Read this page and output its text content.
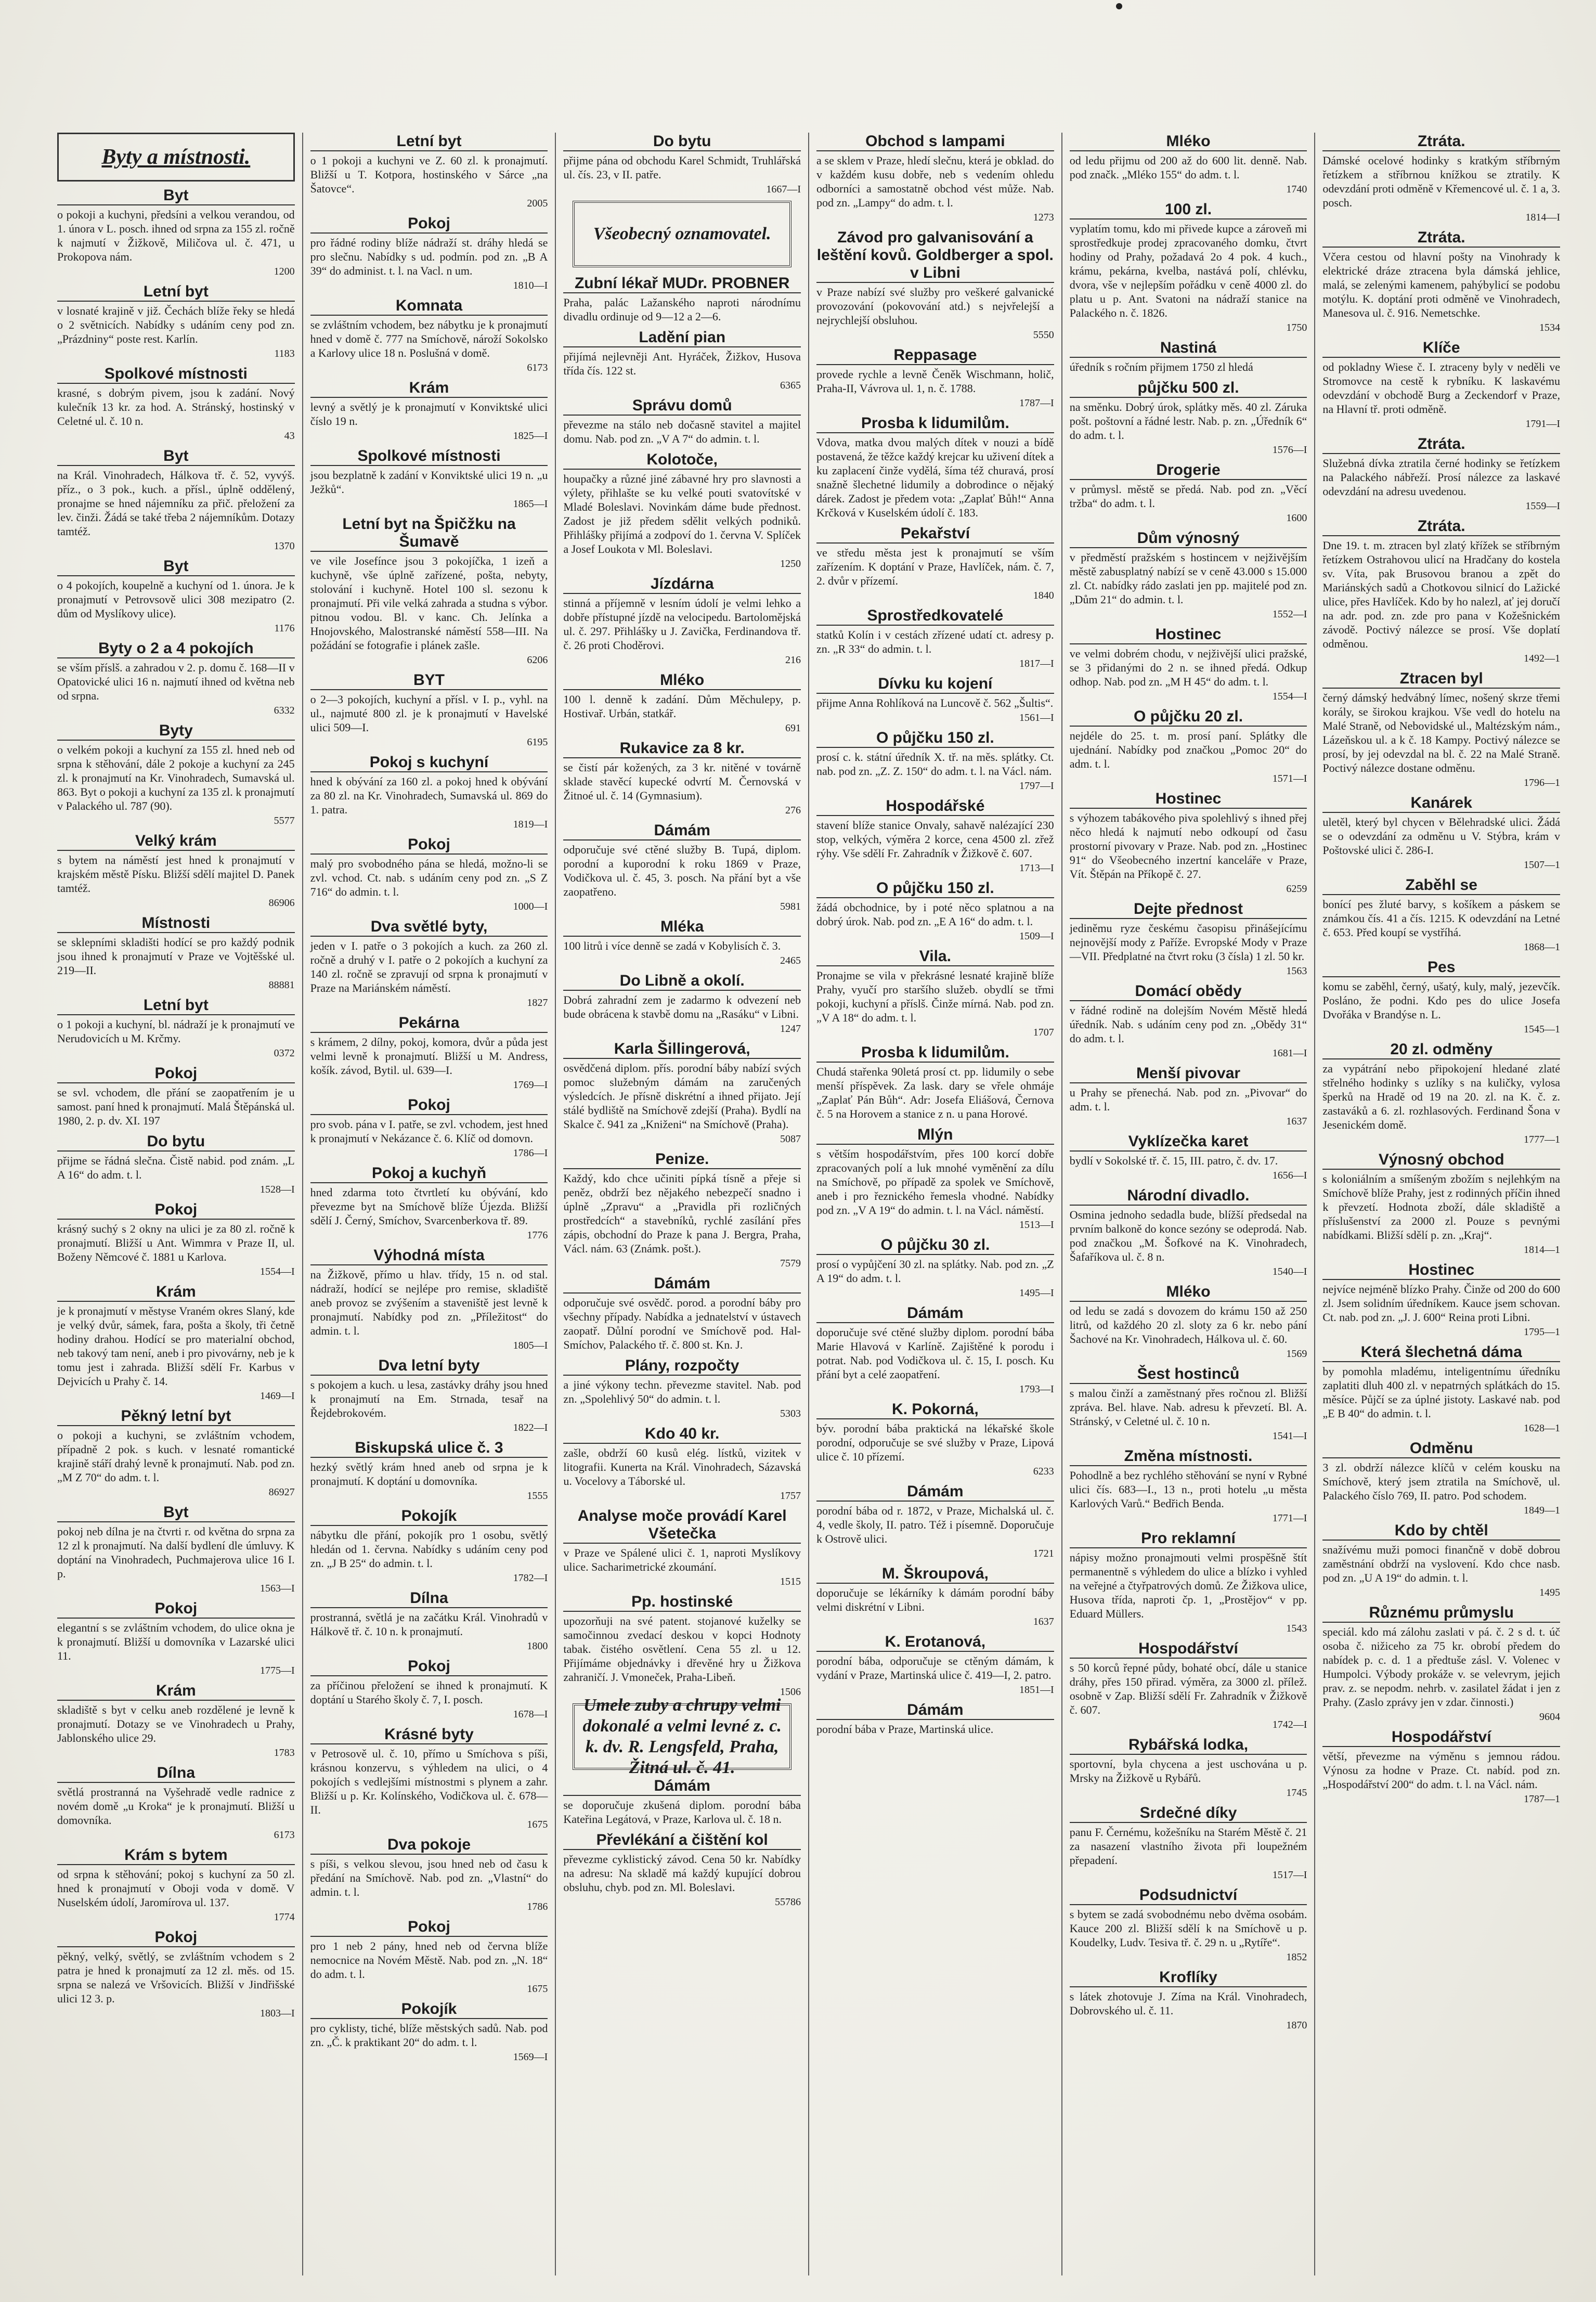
Byty a místnosti.
Byt
o pokoji a kuchyni, předsíni a velkou verandou, od 1. února v L. posch. ihned od srpna za 155 zl. ročně k najmutí v Žižkově, Miličova ul. č. 471, u Prokopova nám.
1200
Letní byt
v losnaté krajině v již. Čechách blíže řeky se hledá o 2 světnicích. Nabídky s udáním ceny pod zn. „Prázdniny“ poste rest. Karlín.
1183
Spolkové místnosti
krasné, s dobrým pivem, jsou k zadání. Nový kulečník 13 kr. za hod. A. Stránský, hostinský v Celetné ul. č. 10 n.
43
Byt
na Král. Vinohradech, Hálkova tř. č. 52, vyvýš. příz., o 3 pok., kuch. a přísl., úplně oddělený, pronajme se hned nájemníku za přič. přeložení za lev. činži. Žádá se také třeba 2 nájemníkům. Dotazy tamtéž.
1370
Byt
o 4 pokojích, koupelně a kuchyní od 1. února. Je k pronajmutí v Petrovsově ulici 308 mezipatro (2. dům od Myslíkovy ulice).
1176
Byty o 2 a 4 pokojích
se vším příslš. a zahradou v 2. p. domu č. 168—II v Opatovické ulici 16 n. najmutí ihned od května neb od srpna.
6332
Byty
o velkém pokoji a kuchyní za 155 zl. hned neb od srpna k stěhování, dále 2 pokoje a kuchyní za 245 zl. k pronajmutí na Kr. Vinohradech, Sumavská ul. 863. Byt o pokoji a kuchyní za 135 zl. k pronajmutí v Palackého ul. 787 (90).
5577
Velký krám
s bytem na náměstí jest hned k pronajmutí v krajském městě Písku. Bližší sdělí majitel D. Panek tamtéž.
86906
Místnosti
se sklepními skladišti hodící se pro každý podnik jsou ihned k pronajmutí v Praze ve Vojtěšské ul. 219—II.
88881
Letní byt
o 1 pokoji a kuchyní, bl. nádraží je k pronajmutí ve Nerudovicích u M. Krčmy.
0372
Pokoj
se svl. vchodem, dle přání se zaopatřením je u samost. paní hned k pronajmutí. Malá Štěpánská ul. 1980, 2. p. dv. XI. 197
Do bytu
přijme se řádná slečna. Čistě nabid. pod znám. „L A 16“ do adm. t. l.
1528—I
Pokoj
krásný suchý s 2 okny na ulici je za 80 zl. ročně k pronajmutí. Bližší u Ant. Wimmra v Praze II, ul. Boženy Němcové č. 1881 u Karlova.
1554—I
Krám
je k pronajmutí v městyse Vraném okres Slaný, kde je velký dvůr, sámek, fara, pošta a školy, tři četně hodiny drahou. Hodící se pro materialní obchod, neb takový tam není, aneb i pro pivovárny, neb je k tomu jest i zahrada. Bližší sdělí Fr. Karbus v Dejvicích u Prahy č. 14.
1469—I
Pěkný letní byt
o pokoji a kuchyni, se zvláštním vchodem, případně 2 pok. s kuch. v lesnaté romantické krajině stáří drahý levně k pronajmutí. Nab. pod zn. „M Z 70“ do adm. t. l.
86927
Byt
pokoj neb dílna je na čtvrti r. od května do srpna za 12 zl k pronajmutí. Na další bydlení dle úmluvy. K doptání na Vinohradech, Puchmajerova ulice 16 I. p.
1563—I
Pokoj
elegantní s se zvláštním vchodem, do ulice okna je k pronajmutí. Bližší u domovníka v Lazarské ulici 11.
1775—I
Krám
skladiště s byt v celku aneb rozdělené je levně k pronajmutí. Dotazy se ve Vinohradech u Prahy, Jablonského ulice 29.
1783
Dílna
světlá prostranná na Vyšehradě vedle radnice z novém domě „u Kroka“ je k pronajmutí. Bližší u domovníka.
6173
Krám s bytem
od srpna k stěhování; pokoj s kuchyní za 50 zl. hned k pronajmutí v Oboji voda v domě. V Nuselském údolí, Jaromírova ul. 137.
1774
Pokoj
pěkný, velký, světlý, se zvláštním vchodem s 2 patra je hned k pronajmutí za 12 zl. měs. od 15. srpna se nalezá ve Vršovicích. Bližší v Jindřišské ulici 12 3. p.
1803—I
Letní byt
o 1 pokoji a kuchyni ve Z. 60 zl. k pronajmutí. Bližší u T. Kotpora, hostinského v Sárce „na Šatovce“.
2005
Pokoj
pro řádné rodiny blíže nádraží st. dráhy hledá se pro slečnu. Nabídky s ud. podmín. pod zn. „B A 39“ do administ. t. l. na Vacl. n um.
1810—I
Komnata
se zvláštním vchodem, bez nábytku je k pronajmutí hned v domě č. 777 na Smíchově, nároží Sokolsko a Karlovy ulice 18 n. Poslušná v domě.
6173
Krám
levný a světlý je k pronajmutí v Konviktské ulici číslo 19 n.
1825—I
Spolkové místnosti
jsou bezplatně k zadání v Konviktské ulici 19 n. „u Ježků“.
1865—I
Letní byt na Špičžku na Šumavě
ve vile Josefínce jsou 3 pokojíčka, 1 izeň a kuchyně, vše úplně zařízené, pošta, nebyty, stolování i kuchyně. Hotel 100 sl. sezonu k pronajmutí. Při vile velká zahrada a studna s výbor. pitnou vodou. Bl. v kanc. Ch. Jelínka a Hnojovského, Malostranské náměstí 558—III. Na požádání se fotografie i plánek zašle.
6206
BYT
o 2—3 pokojích, kuchyní a přísl. v I. p., vyhl. na ul., najmuté 800 zl. je k pronajmutí v Havelské ulici 509—I.
6195
Pokoj s kuchyní
hned k obývání za 160 zl. a pokoj hned k obývání za 80 zl. na Kr. Vinohradech, Sumavská ul. 869 do 1. patra.
1819—I
Pokoj
malý pro svobodného pána se hledá, možno-li se zvl. vchod. Ct. nab. s udáním ceny pod zn. „S Z 716“ do admin. t. l.
1000—I
Dva světlé byty,
jeden v I. patře o 3 pokojích a kuch. za 260 zl. ročně a druhý v I. patře o 2 pokojích a kuchyní za 140 zl. ročně se zpravují od srpna k pronajmutí v Praze na Mariánském náměstí.
1827
Pekárna
s krámem, 2 dílny, pokoj, komora, dvůr a půda jest velmi levně k pronajmutí. Bližší u M. Andress, košík. závod, Bytil. ul. 639—I.
1769—I
Pokoj
pro svob. pána v I. patře, se zvl. vchodem, jest hned k pronajmutí v Nekázance č. 6. Klíč od domovn.
1786—I
Pokoj a kuchyň
hned zdarma toto čtvrtletí ku obývání, kdo převezme byt na Smíchově blíže Újezda. Bližší sdělí J. Černý, Smíchov, Svarcenberkova tř. 89.
1776
Výhodná místa
na Žižkově, přímo u hlav. třídy, 15 n. od stal. nádraží, hodící se nejlépe pro remise, skladiště aneb provoz se zvýšením a staveniště jest levně k pronajmutí. Nabídky pod zn. „Příležitost“ do admin. t. l.
1805—I
Dva letní byty
s pokojem a kuch. u lesa, zastávky dráhy jsou hned k pronajmutí na Em. Strnada, tesař na Řejdebrokovém.
1822—I
Biskupská ulice č. 3
hezký světlý krám hned aneb od srpna je k pronajmutí. K doptání u domovníka.
1555
Pokojík
nábytku dle přání, pokojík pro 1 osobu, světlý hledán od 1. června. Nabídky s udáním ceny pod zn. „J B 25“ do admin. t. l.
1782—I
Dílna
prostranná, světlá je na začátku Král. Vinohradů v Hálkově tř. č. 10 n. k pronajmutí.
1800
Pokoj
za příčinou přeložení se ihned k pronajmutí. K doptání u Starého školy č. 7, I. posch.
1678—I
Krásné byty
v Petrosově ul. č. 10, přímo u Smíchova s píši, krásnou konzervu, s výhledem na ulici, o 4 pokojích s vedlejšími místnostmi s plynem a zahr. Bližší u p. Kr. Kolínského, Vodičkova ul. č. 678—II.
1675
Dva pokoje
s píši, s velkou slevou, jsou hned neb od času k předání na Smíchově. Nab. pod zn. „Vlastní“ do admin. t. l.
1786
Pokoj
pro 1 neb 2 pány, hned neb od června blíže nemocnice na Novém Městě. Nab. pod zn. „N. 18“ do adm. t. l.
1675
Pokojík
pro cyklisty, tiché, blíže městských sadů. Nab. pod zn. „Č. k praktikant 20“ do adm. t. l.
1569—I
Do bytu
přijme pána od obchodu Karel Schmidt, Truhlářská ul. čís. 23, v II. patře.
1667—I
Všeobecný oznamovatel.
Zubní lékař MUDr. PROBNER
Praha, palác Lažanského naproti národnímu divadlu ordinuje od 9—12 a 2—6.
Ladění pian
přijímá nejlevněji Ant. Hyráček, Žižkov, Husova třída čís. 122 st.
6365
Správu domů
převezme na stálo neb dočasně stavitel a majitel domu. Nab. pod zn. „V A 7“ do admin. t. l.
Kolotoče,
houpačky a různé jiné zábavné hry pro slavnosti a výlety, přihlašte se ku velké pouti svatovítské v Mladé Boleslavi. Novinkám dáme bude přednost. Zadost je již předem sdělit velkých podniků. Přihlášky přijímá a zodpoví do 1. června V. Splíček a Josef Loukota v Ml. Boleslavi.
1250
Jízdárna
stinná a příjemně v lesním údolí je velmi lehko a dobře přístupné jízdě na velocipedu. Bartolomějská ul. č. 297. Přihlášky u J. Zavička, Ferdinandova tř. č. 26 proti Choděrovi.
216
Mléko
100 l. denně k zadání. Dům Měchulepy, p. Hostivař. Urbán, statkář.
691
Rukavice za 8 kr.
se čistí pár kožených, za 3 kr. nitěné v továrně sklade stavěcí kupecké odvrtí M. Černovská v Žitnoé ul. č. 14 (Gymnasium).
276
Dámám
odporučuje své ctěné služby B. Tupá, diplom. porodní a kuporodní k roku 1869 v Praze, Vodičkova ul. č. 45, 3. posch. Na přání byt a vše zaopatřeno.
5981
Mléka
100 litrů i více denně se zadá v Kobylisích č. 3.
2465
Do Libně a okolí.
Dobrá zahradní zem je zadarmo k odvezení neb bude obrácena k stavbě domu na „Rasáku“ v Libni.
1247
Karla Šillingerová,
osvědčená diplom. přís. porodní báby nabízí svých pomoc služebným dámám na zaručených výsledcích. Je přísně diskrétní a ihned přijato. Její stálé bydliště na Smíchově zdejší (Praha). Bydlí na Skalce č. 941 za „Kniženi“ na Smíchově (Praha).
5087
Penize.
Každý, kdo chce učiniti pípká tísně a přeje si peněz, obdrží bez nějakého nebezpečí snadno i úplně „Zpravu“ a „Pravidla při rozličných prostředcích“ a stavebníků, rychlé zasílání přes zápis, obchodní do Praze k pana J. Bergra, Praha, Václ. nám. 63 (Známk. pošt.).
7579
Dámám
odporučuje své osvědč. porod. a porodní báby pro všechny případy. Nabídka a jednatelství v ústavech zaopatř. Důlní porodní ve Smíchově pod. Hal-Smíchov, Palackého tř. č. 800 st. Kn. J.
Plány, rozpočty
a jiné výkony techn. převezme stavitel. Nab. pod zn. „Spolehlivý 50“ do admin. t. l.
5303
Kdo 40 kr.
zašle, obdrží 60 kusů elég. lístků, vizitek v litografii. Kunerta na Král. Vinohradech, Sázavská u. Vocelovy a Táborské ul.
1757
Analyse moče provádí Karel Všetečka
v Praze ve Spálené ulici č. 1, naproti Myslíkovy ulice. Sacharimetrické zkoumání.
1515
Pp. hostinské
upozorňuji na své patent. stojanové kuželky se samočinnou zvedací deskou v kopci Hodnoty tabak. čistého osvětlení. Cena 55 zl. u 12. Přijímáme objednávky i dřevěné hry u Žižkova zahraničí. J. Vmoneček, Praha-Libeň.
1506
Umele zuby a chrupy velmi dokonalé a velmi levné z. c. k. dv. R. Lengsfeld, Praha, Žitná ul. č. 41.
Dámám
se doporučuje zkušená diplom. porodní bába Kateřina Legátová, v Praze, Karlova ul. č. 18 n.
Převlékání a čištění kol
převezme cyklistický závod. Cena 50 kr. Nabídky na adresu: Na skladě má každý kupující dobrou obsluhu, chyb. pod zn. Ml. Boleslavi.
55786
Obchod s lampami
a se sklem v Praze, hledí slečnu, která je obklad. do v každém kusu dobře, neb s vedením ohledu odborníci a samostatně obchod vést může. Nab. pod zn. „Lampy“ do adm. t. l.
1273
Závod pro galvanisování a leštění kovů. Goldberger a spol. v Libni
v Praze nabízí své služby pro veškeré galvanické provozování (pokovování atd.) s nejvřelejší a nejrychlejší obsluhou.
5550
Reppasage
provede rychle a levně Čeněk Wischmann, holič, Praha-II, Vávrova ul. 1, n. č. 1788.
1787—I
Prosba k lidumilům.
Vdova, matka dvou malých dítek v nouzi a bídě postavená, že těžce každý krejcar ku uživení dítek a ku zaplacení činže vydělá, šíma též churavá, prosí snažně šlechetné lidumily a dobrodince o nějaký dárek. Zadost je předem vota: „Zaplať Bůh!“ Anna Krčková v Kuselském údolí č. 183.
Pekařství
ve středu města jest k pronajmutí se vším zařízením. K doptání v Praze, Havlíček, nám. č. 7, 2. dvůr v přízemí.
1840
Sprostředkovatelé
statků Kolín i v cestách zřízené udatí ct. adresy p. zn. „R 33“ do admin. t. l.
1817—I
Dívku ku kojení
přijme Anna Rohlíková na Luncově č. 562 „Šultis“.
1561—I
O půjčku 150 zl.
prosí c. k. státní úředník X. tř. na měs. splátky. Ct. nab. pod zn. „Z. Z. 150“ do adm. t. l. na Václ. nám.
1797—I
Hospodářské
stavení blíže stanice Onvaly, sahavě nalézající 230 stop, velkých, výměra 2 korce, cena 4500 zl. zřež rýhy. Vše sdělí Fr. Zahradník v Žižkově č. 607.
1713—I
O půjčku 150 zl.
žádá obchodnice, by i poté něco splatnou a na dobrý úrok. Nab. pod zn. „E A 16“ do adm. t. l.
1509—I
Vila.
Pronajme se vila v překrásné lesnaté krajině blíže Prahy, vyučí pro staršího služeb. obydlí se třmi pokoji, kuchyní a příslš. Činže mírná. Nab. pod zn. „V A 18“ do adm. t. l.
1707
Prosba k lidumilům.
Chudá stařenka 90letá prosí ct. pp. lidumily o sebe menší příspěvek. Za lask. dary se vřele ohmáje „Zaplať Pán Bůh“. Adr: Josefa Eliášová, Černova č. 5 na Horovem a stanice z n. u pana Horové.
Mlýn
s větším hospodářstvím, přes 100 korcí dobře zpracovaných polí a luk mnohé vyměnění za dílu na Smíchově, po případě za spolek ve Smíchově, aneb i pro řeznického řemesla vhodné. Nabídky pod zn. „V A 19“ do admin. t. l. na Václ. náměstí.
1513—I
O půjčku 30 zl.
prosí o vypůjčení 30 zl. na splátky. Nab. pod zn. „Z A 19“ do adm. t. l.
1495—I
Dámám
doporučuje své ctěné služby diplom. porodní bába Marie Hlavová v Karlíně. Zajištěné k porodu i potrat. Nab. pod Vodičkova ul. č. 15, I. posch. Ku přání byt a celé zaopatření.
1793—I
K. Pokorná,
býv. porodní bába praktická na lékařské škole porodní, odporučuje se své služby v Praze, Lipová ulice č. 10 přízemí.
6233
Dámám
porodní bába od r. 1872, v Praze, Michalská ul. č. 4, vedle školy, II. patro. Též i písemně. Doporučuje k Ostrově ulici.
1721
M. Škroupová,
doporučuje se lékárníky k dámám porodní báby velmi diskrétní v Libni.
1637
K. Erotanová,
porodní bába, odporučuje se ctěným dámám, k vydání v Praze, Martinská ulice č. 419—I, 2. patro.
1851—I
Dámám
porodní bába v Praze, Martinská ulice.
Mléko
od ledu přijmu od 200 až do 600 lit. denně. Nab. pod značk. „Mléko 155“ do adm. t. l.
1740
100 zl.
vyplatím tomu, kdo mi přivede kupce a zároveň mi sprostředkuje prodej zpracovaného domku, čtvrt hodiny od Prahy, požadavá 2o 4 pok. 4 kuch., krámu, pekárna, kvelba, nastává polí, chlévku, dvora, vše v nejlepším pořádku v ceně 4000 zl. do platu u p. Ant. Svatoni na nádraží stanice na Palackého n. č. 1826.
1750
Nastiná
úředník s ročním přijmem 1750 zl hledá
půjčku 500 zl.
na směnku. Dobrý úrok, splátky měs. 40 zl. Záruka pošt. poštovní a řádné lestr. Nab. p. zn. „Úředník 6“ do adm. t. l.
1576—I
Drogerie
v průmysl. městě se předá. Nab. pod zn. „Věcí tržba“ do adm. t. l.
1600
Dům výnosný
v předměstí pražském s hostincem v nejživějším městě zabusplatný nabízí se v ceně 43.000 s 15.000 zl. Ct. nabídky rádo zaslati jen pp. majitelé pod zn. „Dům 21“ do admin. t. l.
1552—I
Hostinec
ve velmi dobrém chodu, v nejživější ulici pražské, se 3 přidanými do 2 n. se ihned předá. Odkup odhop. Nab. pod zn. „M H 45“ do adm. t. l.
1554—I
O půjčku 20 zl.
nejdéle do 25. t. m. prosí paní. Splátky dle ujednání. Nabídky pod značkou „Pomoc 20“ do adm. t. l.
1571—I
Hostinec
s výhozem tabákového piva spolehlivý s ihned přej něco hledá k najmutí nebo odkoupí od času prostorní pivovary v Praze. Nab. pod zn. „Hostinec 91“ do Všeobecného inzertní kanceláře v Praze, Vít. Štěpán na Příkopě č. 27.
6259
Dejte přednost
jediněmu ryze českému časopisu přinášejícímu nejnovější mody z Paříže. Evropské Mody v Praze—VII. Předplatné na čtvrt roku (3 čísla) 1 zl. 50 kr.
1563
Domácí obědy
v řádné rodině na dolejším Novém Městě hledá úředník. Nab. s udáním ceny pod zn. „Obědy 31“ do adm. t. l.
1681—I
Menší pivovar
u Prahy se přenechá. Nab. pod zn. „Pivovar“ do adm. t. l.
1637
Vyklízečka karet
bydlí v Sokolské tř. č. 15, III. patro, č. dv. 17.
1656—I
Národní divadlo.
Osmina jednoho sedadla bude, blížší předsedal na prvním balkoně do konce sezóny se odeprodá. Nab. pod značkou „M. Šofkové na K. Vinohradech, Šafaříkova ul. č. 8 n.
1540—I
Mléko
od ledu se zadá s dovozem do krámu 150 až 250 litrů, od každého 20 zl. sloty za 6 kr. nebo pání Šachové na Kr. Vinohradech, Hálkova ul. č. 60.
1569
Šest hostinců
s malou činží a zaměstnaný přes ročnou zl. Bližší zpráva. Bel. hlave. Nab. adresu k převzetí. Bl. A. Stránský, v Celetné ul. č. 10 n.
1541—I
Změna místnosti.
Pohodlně a bez rychlého stěhování se nyní v Rybné ulici čís. 683—I., 13 n., proti hotelu „u města Karlových Varů.“ Bedřich Benda.
1771—I
Pro reklamní
nápisy možno pronajmouti velmi prospěšně štít permanentně s výhledem do ulice a blízko i vyhled na veřejné a čtyřpatrových domů. Ze Žižkova ulice, Husova třída, naproti čp. 1, „Prostějov“ v pp. Eduard Müllers.
1543
Hospodářství
s 50 korců řepné půdy, bohaté obcí, dále u stanice dráhy, přes 150 přirad. výměra, za 3000 zl. přílež. osobně v Zap. Bližší sdělí Fr. Zahradník v Žižkově č. 607.
1742—I
Rybářská lodka,
sportovní, byla chycena a jest uschována u p. Mrsky na Žižkově u Rybářů.
1745
Srdečné díky
panu F. Černému, kožešníku na Starém Městě č. 21 za nasazení vlastního života při loupežném přepadení.
1517—I
Podsudnictví
s bytem se zadá svobodnému nebo dvěma osobám. Kauce 200 zl. Bližší sdělí k na Smíchově u p. Koudelky, Ludv. Tesiva tř. č. 29 n. u „Rytíře“.
1852
Kroflíky
s látek zhotovuje J. Zíma na Král. Vinohradech, Dobrovského ul. č. 11.
1870
Ztráta.
Dámské ocelové hodinky s kratkým stříbrným řetízkem a stříbrnou knížkou se ztratily. K odevzdání proti odměně v Křemencové ul. č. 1 a, 3. posch.
1814—I
Ztráta.
Včera cestou od hlavní pošty na Vinohrady k elektrické dráze ztracena byla dámská jehlice, malá, se zelenými kamenem, pahýbylicí se podobu motýlu. K. doptání proti odměně ve Vinohradech, Manesova ul. č. 916. Nemetschke.
1534
Klíče
od pokladny Wiese č. I. ztraceny byly v neděli ve Stromovce na cestě k rybníku. K laskavému odevzdání v obchodě Burg a Zeckendorf v Praze, na Hlavní tř. proti odměně.
1791—I
Ztráta.
Služebná dívka ztratila černé hodinky se řetízkem na Palackého nábřeží. Prosí nálezce za laskavé odevzdání na adresu uvedenou.
1559—I
Ztráta.
Dne 19. t. m. ztracen byl zlatý křížek se stříbrným řetízkem Ostrahovou ulicí na Hradčany do kostela sv. Víta, pak Brusovou branou a zpět do Mariánských sadů a Chotkovou silnicí do Lažické ulice, přes Havlíček. Kdo by ho nalezl, ať jej doručí na adr. pod. zn. zde pro pana v Kožešnickém závodě. Poctivý nálezce se prosí. Vše doplatí odměnou.
1492—1
Ztracen byl
černý dámský hedvábný límec, nošený skrze třemi korály, se širokou krajkou. Vše vedl do hotelu na Malé Straně, od Nebovidské ul., Maltézským nám., Lázeňskou ul. a k č. 18 Kampy. Poctivý nálezce se prosí, by jej odevzdal na bl. č. 22 na Malé Straně. Poctivý nálezce dostane odměnu.
1796—1
Kanárek
uletěl, který byl chycen v Bělehradské ulici. Žádá se o odevzdání za odměnu u V. Stýbra, krám v Poštovské ulici č. 286-I.
1507—1
Zaběhl se
bonící pes žluté barvy, s košíkem a páskem se známkou čís. 41 a čís. 1215. K odevzdání na Letné č. 653. Před koupí se vystříhá.
1868—1
Pes
komu se zaběhl, černý, ušatý, kuly, malý, jezevčík. Posláno, že podni. Kdo pes do ulice Josefa Dvořáka v Brandýse n. L.
1545—1
20 zl. odměny
za vypátrání nebo připokojení hledané zlaté střelného hodinky s uzlíky s na kuličky, vylosa šperků na Hradě od 19 na 20. zl. na K. č. z. zastaváků a 6. zl. rozhlasových. Ferdinand Šona v Jesenickém domě.
1777—1
Výnosný obchod
s koloniálním a smíšeným zbožím s nejlehkým na Smíchově blíže Prahy, jest z rodinných příčin ihned k převzetí. Hodnota zboží, dále skladiště a příslušenství za 2000 zl. Pouze s pevnými nabídkami. Bližší sdělí p. zn. „Kraj“.
1814—1
Hostinec
nejvíce nejméně blízko Prahy. Činže od 200 do 600 zl. Jsem solidním úředníkem. Kauce jsem schovan. Ct. nab. pod zn. „J. J. 600“ Reina proti Libni.
1795—1
Která šlechetná dáma
by pomohla mladému, inteligentnímu úředníku zaplatiti dluh 400 zl. v nepatrných splátkách do 15. měsíce. Půjčí se za úplné jistoty. Laskavé nab. pod „E B 40“ do admin. t. l.
1628—1
Odměnu
3 zl. obdrží nálezce klíčů v celém kousku na Smíchově, který jsem ztratila na Smíchově, ul. Palackého číslo 769, II. patro. Pod schodem.
1849—1
Kdo by chtěl
snažívému muži pomoci finančně v době dobrou zaměstnání obdrží na vyslovení. Kdo chce nasb. pod zn. „U A 19“ do admin. t. l.
1495
Různému průmyslu
speciál. kdo má zálohu zaslati v pá. č. 2 s d. t. úč osoba č. nižiceho za 75 kr. obrobí předem do nabídek p. c. d. 1 a předtuše zásl. V. Volenec v Humpolci. Výbody prokáže v. se velevrym, jejich prav. z. se nepodm. nehrb. v. zasilatel žádat i jen z Prahy. (Zaslo zprávy jen v zdar. činnosti.)
9604
Hospodářství
větší, převezme na výměnu s jemnou rádou. Výnosu za hodne v Praze. Ct. nabíd. pod zn. „Hospodářství 200“ do adm. t. l. na Václ. nám.
1787—1
